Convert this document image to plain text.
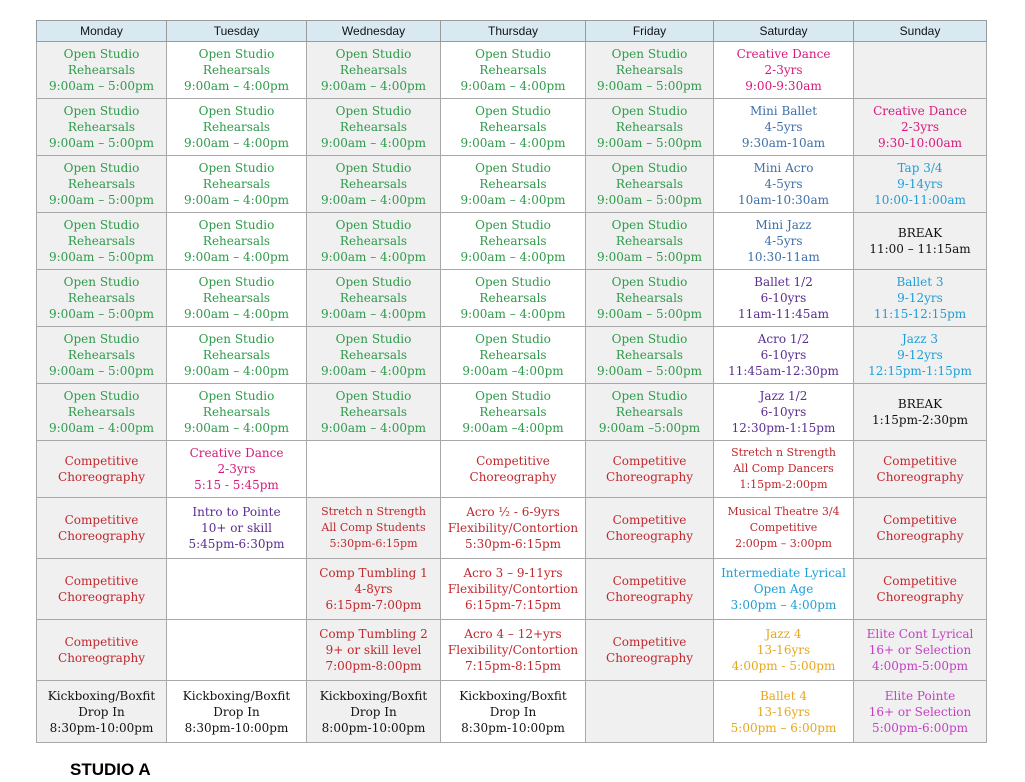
Monday	Tuesday	Wednesday	Thursday	Friday	Saturday	Sunday

Open Studio
Rehearsals
9:00am – 5:00pm	Open Studio
Rehearsals
9:00am – 4:00pm	Open Studio
Rehearsals
9:00am – 4:00pm	Open Studio
Rehearsals
9:00am – 4:00pm	Open Studio
Rehearsals
9:00am – 5:00pm	Creative Dance
2-3yrs
9:00-9:30am	

Open Studio
Rehearsals
9:00am – 5:00pm	Open Studio
Rehearsals
9:00am – 4:00pm	Open Studio
Rehearsals
9:00am – 4:00pm	Open Studio
Rehearsals
9:00am – 4:00pm	Open Studio
Rehearsals
9:00am – 5:00pm	Mini Ballet
4-5yrs
9:30am-10am	Creative Dance
2-3yrs
9:30-10:00am

Open Studio
Rehearsals
9:00am – 5:00pm	Open Studio
Rehearsals
9:00am – 4:00pm	Open Studio
Rehearsals
9:00am – 4:00pm	Open Studio
Rehearsals
9:00am – 4:00pm	Open Studio
Rehearsals
9:00am – 5:00pm	Mini Acro
4-5yrs
10am-10:30am	Tap 3/4
9-14yrs
10:00-11:00am

Open Studio
Rehearsals
9:00am – 5:00pm	Open Studio
Rehearsals
9:00am – 4:00pm	Open Studio
Rehearsals
9:00am – 4:00pm	Open Studio
Rehearsals
9:00am – 4:00pm	Open Studio
Rehearsals
9:00am – 5:00pm	Mini Jazz
4-5yrs
10:30-11am	BREAK
11:00 – 11:15am

Open Studio
Rehearsals
9:00am – 5:00pm	Open Studio
Rehearsals
9:00am – 4:00pm	Open Studio
Rehearsals
9:00am – 4:00pm	Open Studio
Rehearsals
9:00am – 4:00pm	Open Studio
Rehearsals
9:00am – 5:00pm	Ballet 1/2
6-10yrs
11am-11:45am	Ballet 3
9-12yrs
11:15-12:15pm

Open Studio
Rehearsals
9:00am – 5:00pm	Open Studio
Rehearsals
9:00am – 4:00pm	Open Studio
Rehearsals
9:00am – 4:00pm	Open Studio
Rehearsals
9:00am –4:00pm	Open Studio
Rehearsals
9:00am – 5:00pm	Acro 1/2
6-10yrs
11:45am-12:30pm	Jazz 3
9-12yrs
12:15pm-1:15pm

Open Studio
Rehearsals
9:00am – 4:00pm	Open Studio
Rehearsals
9:00am – 4:00pm	Open Studio
Rehearsals
9:00am – 4:00pm	Open Studio
Rehearsals
9:00am –4:00pm	Open Studio
Rehearsals
9:00am –5:00pm	Jazz 1/2
6-10yrs
12:30pm-1:15pm	BREAK
1:15pm-2:30pm

Competitive
Choreography	Creative Dance
2-3yrs
5:15 - 5:45pm		Competitive
Choreography	Competitive
Choreography	Stretch n Strength
All Comp Dancers
1:15pm-2:00pm	Competitive
Choreography

Competitive
Choreography	Intro to Pointe
10+ or skill
5:45pm-6:30pm	Stretch n Strength
All Comp Students
5:30pm-6:15pm	Acro ½ - 6-9yrs
Flexibility/Contortion
5:30pm-6:15pm	Competitive
Choreography	Musical Theatre 3/4
Competitive
2:00pm – 3:00pm	Competitive
Choreography

Competitive
Choreography		Comp Tumbling 1
4-8yrs
6:15pm-7:00pm	Acro 3 – 9-11yrs
Flexibility/Contortion
6:15pm-7:15pm	Competitive
Choreography	Intermediate Lyrical
Open Age
3:00pm – 4:00pm	Competitive
Choreography

Competitive
Choreography		Comp Tumbling 2
9+ or skill level
7:00pm-8:00pm	Acro 4 – 12+yrs
Flexibility/Contortion
7:15pm-8:15pm	Competitive
Choreography	Jazz 4
13-16yrs
4:00pm - 5:00pm	Elite Cont Lyrical
16+ or Selection
4:00pm-5:00pm

Kickboxing/Boxfit
Drop In
8:30pm-10:00pm	Kickboxing/Boxfit
Drop In
8:30pm-10:00pm	Kickboxing/Boxfit
Drop In
8:00pm-10:00pm	Kickboxing/Boxfit
Drop In
8:30pm-10:00pm		Ballet 4
13-16yrs
5:00pm – 6:00pm	Elite Pointe
16+ or Selection
5:00pm-6:00pm
STUDIO A
